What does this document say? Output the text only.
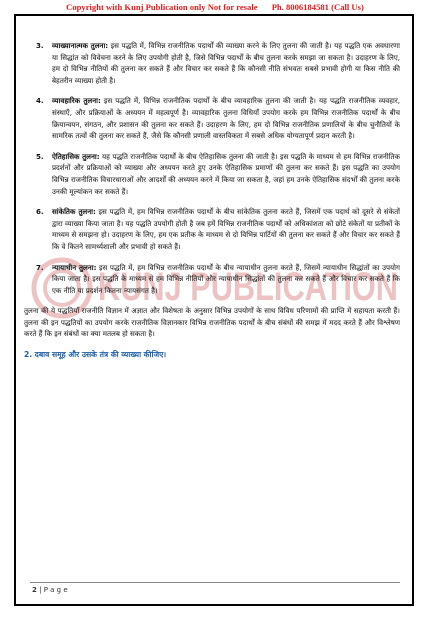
Copyright with Kunj Publication only Not for resale Ph. 8006184581 (Call Us)
KUNJ PUBLICATION
3. व्याख्यानात्मक तुलना: इस पद्धति में, विभिन्न राजनीतिक पदार्थों की व्याख्या करने के लिए तुलना की जाती है। यह पद्धति एक अवधारणा या सिद्धांत को विवेचना करने के लिए उपयोगी होती है, जिसे विभिन्न पदार्थों के बीच तुलना करके समझा जा सकता है। उदाहरण के लिए, हम दो विभिन्न नीतियों की तुलना कर सकते हैं और विचार कर सकते हैं कि कौनसी नीति संभवतः सबसे प्रभावी होगी या किस नीति की बेहतरीन व्याख्या होती है।
4. व्यावहारिक तुलना: इस पद्धति में, विभिन्न राजनीतिक पदार्थों के बीच व्यावहारिक तुलना की जाती है। यह पद्धति राजनीतिक व्यवहार, संस्थाएँ, और प्रक्रियाओं के अध्ययन में महत्वपूर्ण है। व्यावहारिक तुलना विधियाँ उपयोग करके हम विभिन्न राजनीतिक पदार्थों के बीच क्रियान्वयन, संगठन, और प्रशासन की तुलना कर सकते हैं। उदाहरण के लिए, हम दो विभिन्न राजनीतिक प्रणालियों के बीच चुनौतियों के सामरिक तत्वों की तुलना कर सकते हैं, जैसे कि कौनसी प्रणाली वास्तविकता में सबसे अधिक योग्यतापूर्ण प्रदान करती है।
5. ऐतिहासिक तुलना: यह पद्धति राजनीतिक पदार्थों के बीच ऐतिहासिक तुलना की जाती है। इस पद्धति के माध्यम से हम विभिन्न राजनीतिक प्रदर्शनों और प्रक्रियाओं को व्याख्या और अध्ययन करते हुए उनके ऐतिहासिक प्रमाणों की तुलना कर सकते हैं। इस पद्धति का उपयोग विभिन्न राजनीतिक विचारधाराओं और आदर्शों की अध्ययन करने में किया जा सकता है, जहां हम उनके ऐतिहासिक संदर्भों की तुलना करके उनकी मूल्यांकन कर सकते हैं।
6. सांकेतिक तुलना: इस पद्धति में, हम विभिन्न राजनीतिक पदार्थों के बीच सांकेतिक तुलना करते हैं, जिसमें एक पदार्थ को दूसरे से संकेतों द्वारा व्याख्या किया जाता है। यह पद्धति उपयोगी होती है जब हमें विभिन्न राजनीतिक पदार्थों को अधिकांशता को छोटे संकेतों या प्रतीकों के माध्यम से समझना हो। उदाहरण के लिए, हम एक प्रतीक के माध्यम से दो विभिन्न पार्टियों की तुलना कर सकते हैं और विचार कर सकते हैं कि वे कितने सामर्थ्यशाली और प्रभावी हो सकते हैं।
7. न्यायाधीन तुलना: इस पद्धति में, हम विभिन्न राजनीतिक पदार्थों के बीच न्यायाधीन तुलना करते हैं, जिसमें न्यायाधीन सिद्धांतों का उपयोग किया जाता है। इस पद्धति के माध्यम से हम विभिन्न नीतियों और न्यायाधीन सिद्धांतों की तुलना कर सकते हैं और विचार कर सकते हैं कि एक नीति या प्रदर्शन कितना न्यायसंगत है।
तुलना की ये पद्धतियाँ राजनीति विज्ञान में अज्ञात और विशेषता के अनुसार विभिन्न उपयोगों के साथ विविध परिणामों की प्राप्ति में सहायता करती हैं। तुलना की इन पद्धतियों का उपयोग करके राजनीतिक विज्ञानकार विभिन्न राजनीतिक पदार्थों के बीच संबंधों की समझ में मदद करते हैं और विश्लेषण करते हैं कि इन संबंधों का क्या मतलब हो सकता है।
2. दबाव समूह और उसके तंत्र की व्याख्या कीजिए।
2 | P a g e
